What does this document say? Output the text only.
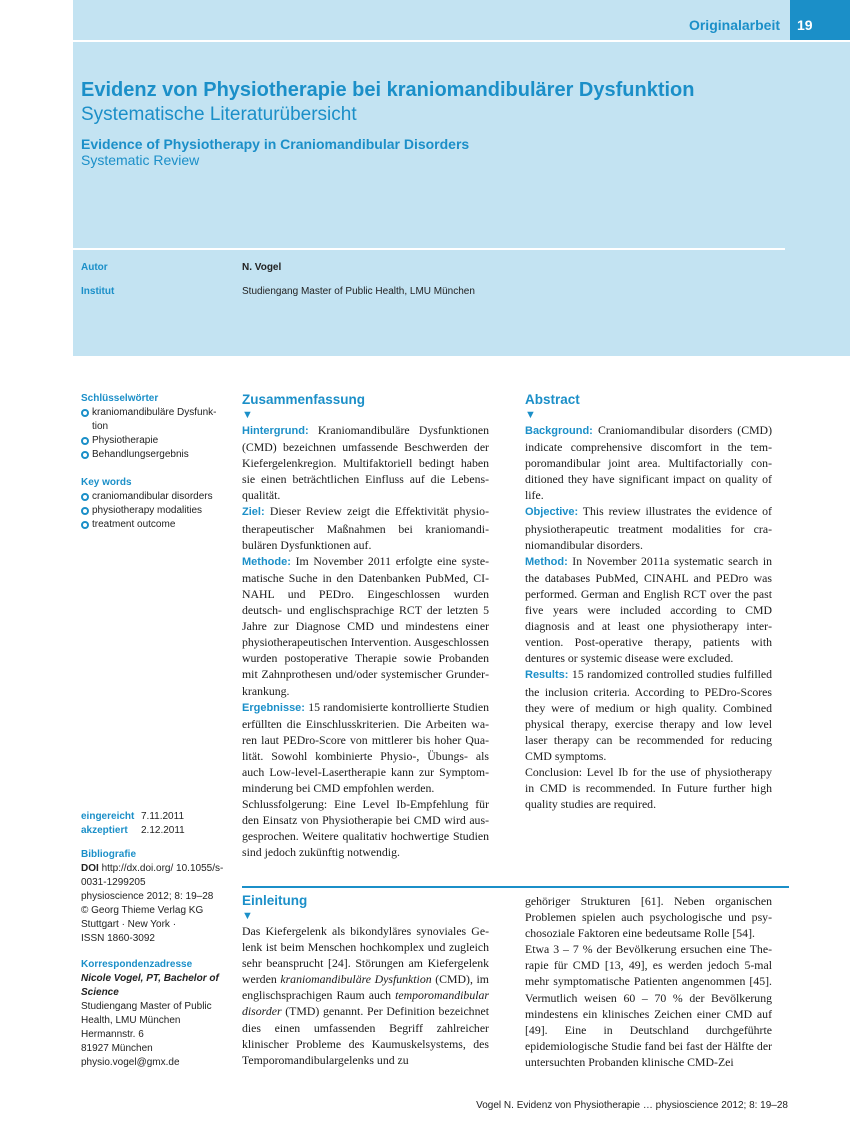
Originalarbeit 19
Evidenz von Physiotherapie bei kraniomandibulärer Dysfunktion
Systematische Literaturübersicht
Evidence of Physiotherapy in Craniomandibular Disorders
Systematic Review
Autor	N. Vogel
Institut	Studiengang Master of Public Health, LMU München
Schlüsselwörter
kraniomandibuläre Dysfunktion
Physiotherapie
Behandlungsergebnis
Key words
craniomandibular disorders
physiotherapy modalities
treatment outcome
eingereicht 7.11.2011
akzeptiert 2.12.2011
Bibliografie
DOI http://dx.doi.org/ 10.1055/s-0031-1299205
physioscience 2012; 8: 19–28
© Georg Thieme Verlag KG
Stuttgart · New York ·
ISSN 1860-3092
Korrespondenzadresse
Nicole Vogel, PT, Bachelor of Science
Studiengang Master of Public Health, LMU München
Hermannstr. 6
81927 München
physio.vogel@gmx.de
Zusammenfassung
▼

Hintergrund: Kraniomandibuläre Dysfunktionen (CMD) bezeichnen umfassende Beschwerden der Kiefergelenkregion. Multifaktoriell bedingt haben sie einen beträchtlichen Einfluss auf die Lebensqualität.

Ziel: Dieser Review zeigt die Effektivität physiotherapeutischer Maßnahmen bei kraniomandibulären Dysfunktionen auf.

Methode: Im November 2011 erfolgte eine systematische Suche in den Datenbanken PubMed, CINAHL und PEDro. Eingeschlossen wurden deutsch- und englischsprachige RCT der letzten 5 Jahre zur Diagnose CMD und mindestens einer physiotherapeutischen Intervention. Ausgeschlossen wurden postoperative Therapie sowie Probanden mit Zahnprothesen und/oder systemischer Grunderkrankung.

Ergebnisse: 15 randomisierte kontrollierte Studien erfüllten die Einschlusskriterien. Die Arbeiten waren laut PEDro-Score von mittlerer bis hoher Qualität. Sowohl kombinierte Physio-, Übungs- als auch Low-level-Lasertherapie kann zur Symptomminderung bei CMD empfohlen werden.

Schlussfolgerung: Eine Level Ib-Empfehlung für den Einsatz von Physiotherapie bei CMD wird ausgesprochen. Weitere qualitativ hochwertige Studien sind jedoch zukünftig notwendig.

Abstract
▼

Background: Craniomandibular disorders (CMD) indicate comprehensive discomfort in the temporomandibular joint area. Multifactorially conditioned they have significant impact on quality of life.

Objective: This review illustrates the evidence of physiotherapeutic treatment modalities for craniomandibular disorders.

Method: In November 2011a systematic search in the databases PubMed, CINAHL and PEDro was performed. German and English RCT over the past five years were included according to CMD diagnosis and at least one physiotherapy intervention. Post-operative therapy, patients with dentures or systemic disease were excluded.

Results: 15 randomized controlled studies fulfilled the inclusion criteria. According to PEDro-Scores they were of medium or high quality. Combined physical therapy, exercise therapy and low level laser therapy can be recommended for reducing CMD symptoms.

Conclusion: Level Ib for the use of physiotherapy in CMD is recommended. In Future further high quality studies are required.

Einleitung
▼

Das Kiefergelenk als bikondyläres synoviales Gelenk ist beim Menschen hochkomplex und zugleich sehr beansprucht [24]. Störungen am Kiefergelenk werden kraniomandibuläre Dysfunktion (CMD), im englischsprachigen Raum auch temporomandibular disorder (TMD) genannt. Per Definition bezeichnet dies einen umfassenden Begriff zahlreicher klinischer Probleme des Kaumuskelsystems, des Temporomandibulargelenks und zu

gehöriger Strukturen [61]. Neben organischen Problemen spielen auch psychologische und psychosoziale Faktoren eine bedeutsame Rolle [54].

Etwa 3 – 7 % der Bevölkerung ersuchen eine Therapie für CMD [13, 49], es werden jedoch 5-mal mehr symptomatische Patienten angenommen [45]. Vermutlich weisen 60 – 70 % der Bevölkerung mindestens ein klinisches Zeichen einer CMD auf [49]. Eine in Deutschland durchgeführte epidemiologische Studie fand bei fast der Hälfte der untersuchten Probanden klinische CMD-Zei

Vogel N. Evidenz von Physiotherapie … physioscience 2012; 8: 19–28
